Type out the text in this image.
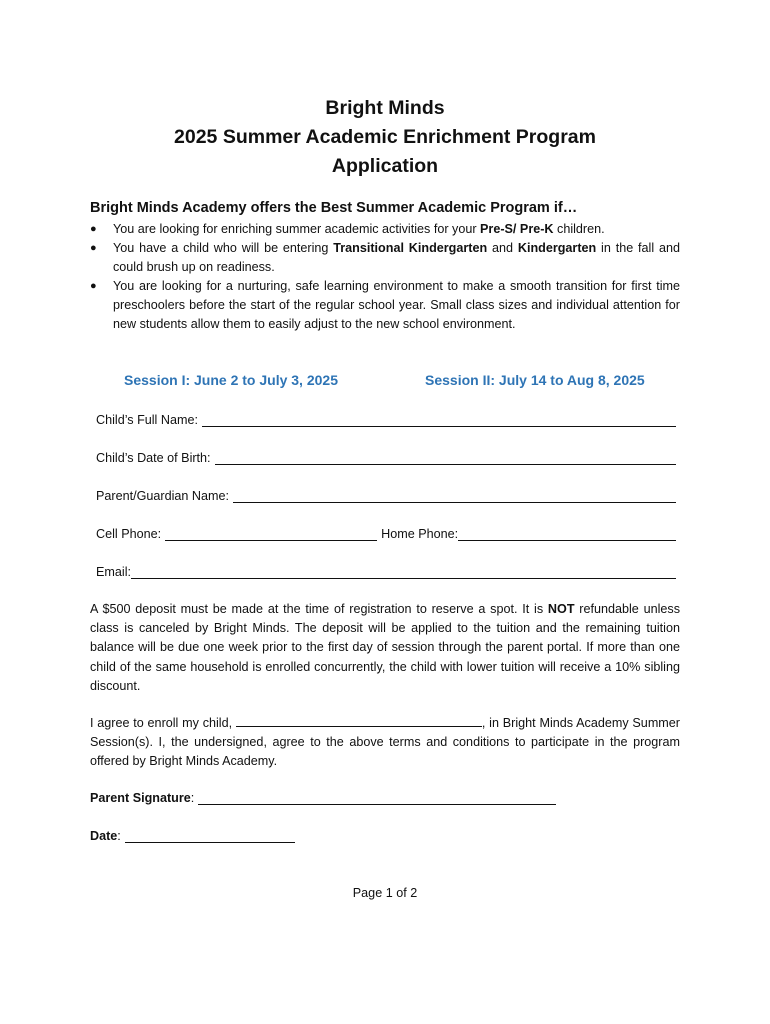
Bright Minds
2025 Summer Academic Enrichment Program
Application
Bright Minds Academy offers the Best Summer Academic Program if…
● You are looking for enriching summer academic activities for your Pre-S/ Pre-K children.
● You have a child who will be entering Transitional Kindergarten and Kindergarten in the fall and could brush up on readiness.
● You are looking for a nurturing, safe learning environment to make a smooth transition for first time preschoolers before the start of the regular school year. Small class sizes and individual attention for new students allow them to easily adjust to the new school environment.
Session I: June 2 to July 3, 2025	Session II: July 14 to Aug 8, 2025
Child’s Full Name:
Child’s Date of Birth:
Parent/Guardian Name:
Cell Phone:	Home Phone:
Email:

A $500 deposit must be made at the time of registration to reserve a spot. It is NOT refundable unless class is canceled by Bright Minds. The deposit will be applied to the tuition and the remaining tuition balance will be due one week prior to the first day of session through the parent portal. If more than one child of the same household is enrolled concurrently, the child with lower tuition will receive a 10% sibling discount.

I agree to enroll my child,	, in Bright Minds Academy Summer Session(s). I, the undersigned, agree to the above terms and conditions to participate in the program offered by Bright Minds Academy.

Parent Signature :
Date :
Page 1 of 2
